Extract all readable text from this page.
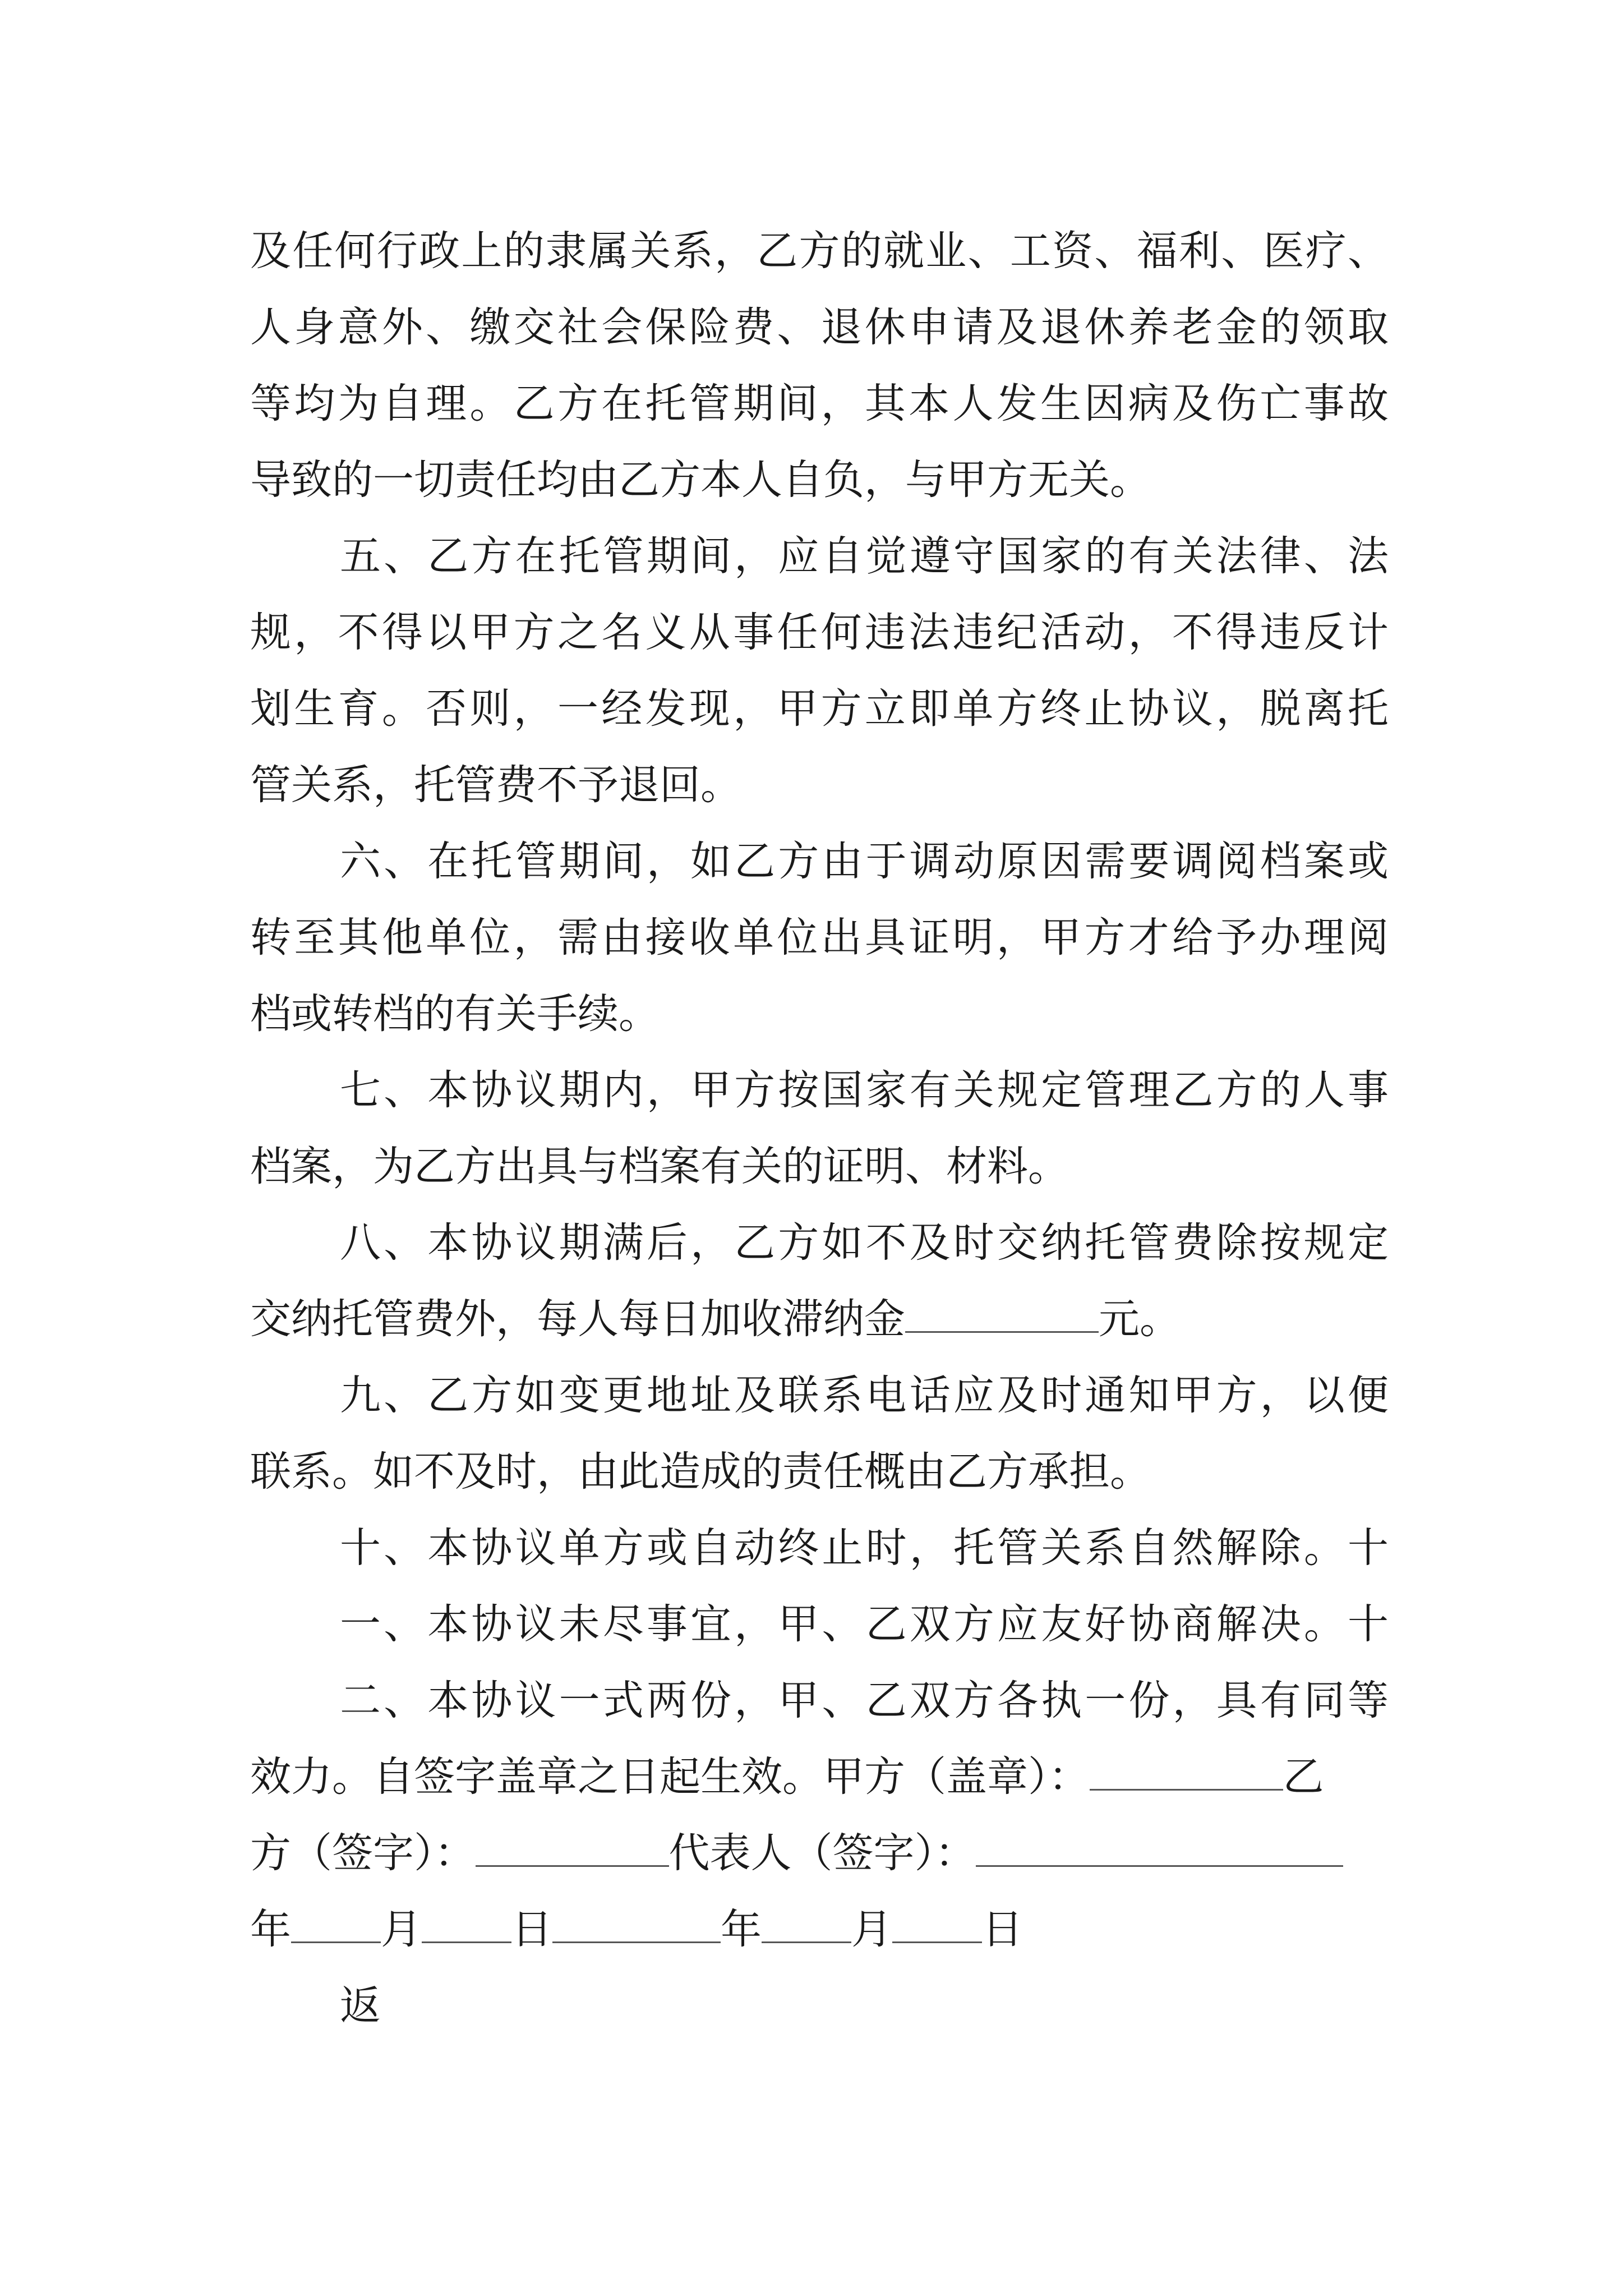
及任何行政上的隶属关系，乙方的就业、工资、福利、医疗、
人身意外、缴交社会保险费、退休申请及退休养老金的领取
等均为自理。乙方在托管期间，其本人发生因病及伤亡事故
导致的一切责任均由乙方本人自负，与甲方无关。
五、乙方在托管期间，应自觉遵守国家的有关法律、法
规，不得以甲方之名义从事任何违法违纪活动，不得违反计
划生育。否则，一经发现，甲方立即单方终止协议，脱离托
管关系，托管费不予退回。
六、在托管期间，如乙方由于调动原因需要调阅档案或
转至其他单位，需由接收单位出具证明，甲方才给予办理阅
档或转档的有关手续。
七、本协议期内，甲方按国家有关规定管理乙方的人事
档案，为乙方出具与档案有关的证明、材料。
八、本协议期满后，乙方如不及时交纳托管费除按规定
交纳托管费外，每人每日加收滞纳金	元。
九、乙方如变更地址及联系电话应及时通知甲方，以便
联系。如不及时，由此造成的责任概由乙方承担。
十、本协议单方或自动终止时，托管关系自然解除。十
一、本协议未尽事宜，甲、乙双方应友好协商解决。十
二、本协议一式两份，甲、乙双方各执一份，具有同等
效力。自签字盖章之日起生效。甲方（盖章）：	乙
方（签字）：	代表人（签字）：
年 月 日	年 月 日
返
